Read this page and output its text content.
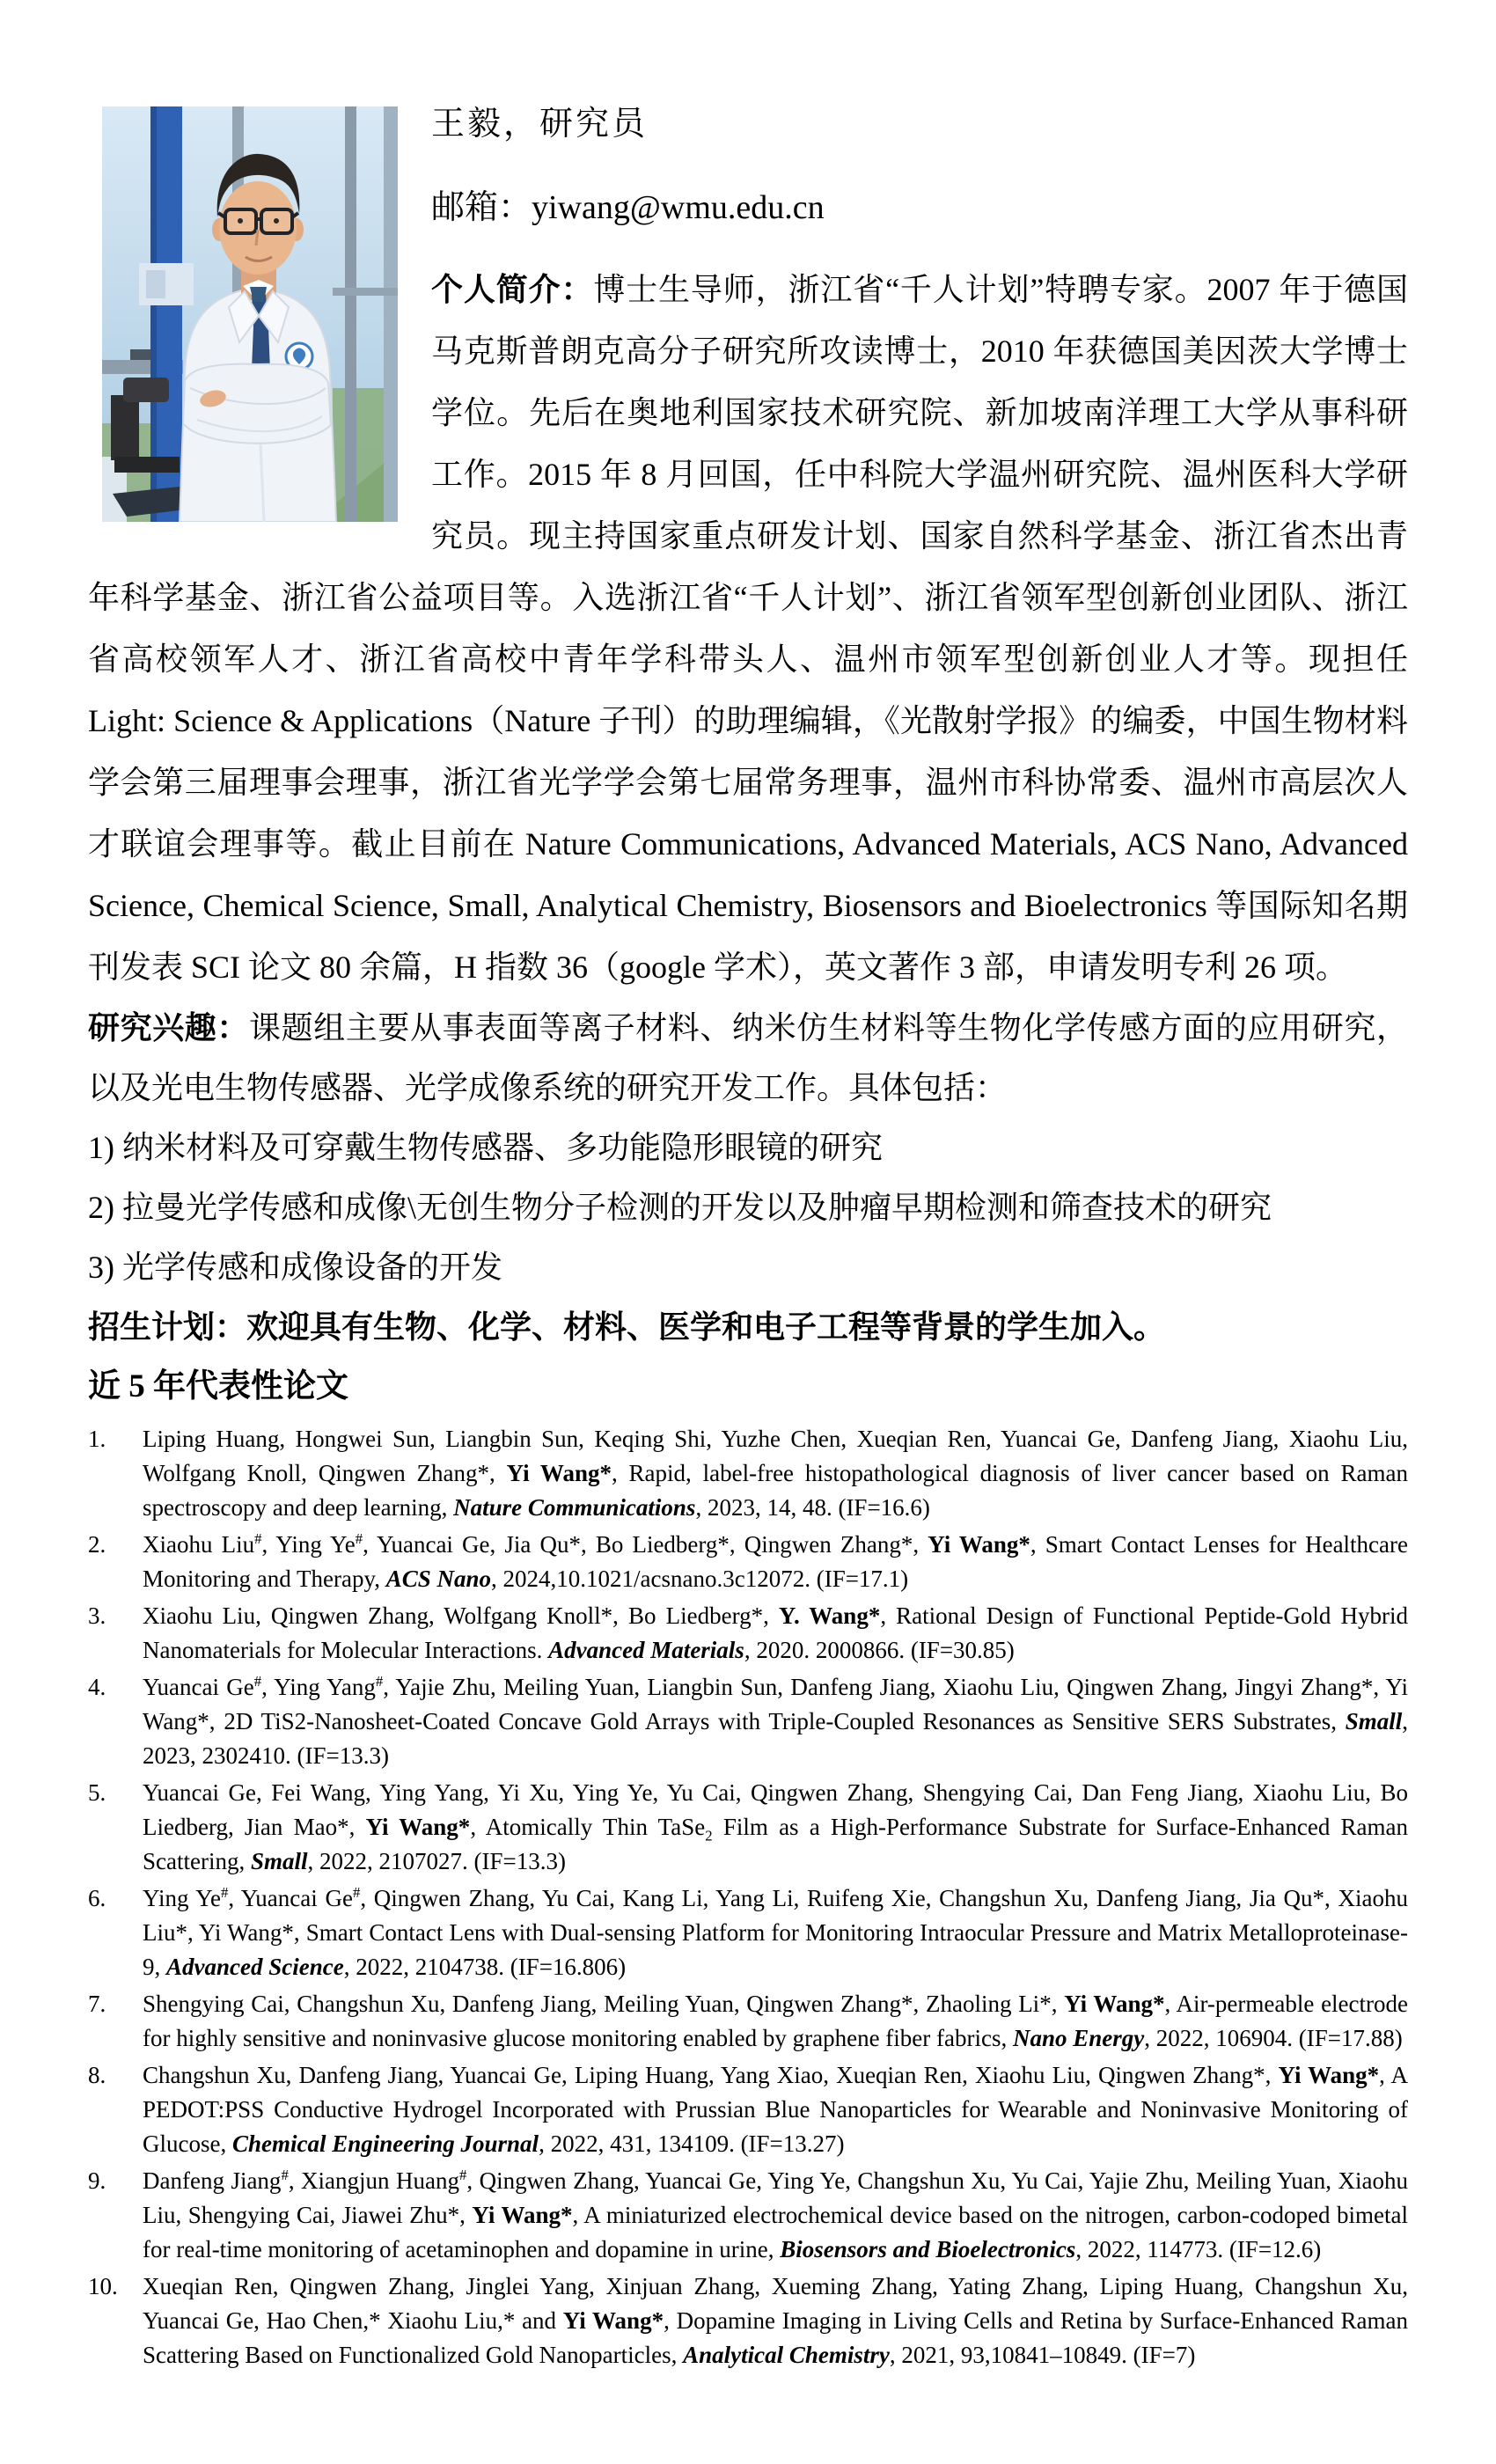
王毅，研究员
邮箱：yiwang@wmu.edu.cn

个人简介：博士生导师，浙江省“千人计划”特聘专家。2007 年于德国马克斯普朗克高分子研究所攻读博士，2010 年获德国美因茨大学博士学位。先后在奥地利国家技术研究院、新加坡南洋理工大学从事科研工作。2015 年 8 月回国，任中科院大学温州研究院、温州医科大学研究员。现主持国家重点研发计划、国家自然科学基金、浙江省杰出青年科学基金、浙江省公益项目等。入选浙江省“千人计划”、浙江省领军型创新创业团队、浙江省高校领军人才、浙江省高校中青年学科带头人、温州市领军型创新创业人才等。现担任 Light: Science & Applications（Nature 子刊）的助理编辑，《光散射学报》的编委，中国生物材料学会第三届理事会理事，浙江省光学学会第七届常务理事，温州市科协常委、温州市高层次人才联谊会理事等。截止目前在 Nature Communications, Advanced Materials, ACS Nano, Advanced Science, Chemical Science, Small, Analytical Chemistry, Biosensors and Bioelectronics 等国际知名期刊发表 SCI 论文 80 余篇，H 指数 36（google 学术），英文著作 3 部，申请发明专利 26 项。

研究兴趣：课题组主要从事表面等离子材料、纳米仿生材料等生物化学传感方面的应用研究，以及光电生物传感器、光学成像系统的研究开发工作。具体包括：

1) 纳米材料及可穿戴生物传感器、多功能隐形眼镜的研究
2) 拉曼光学传感和成像\无创生物分子检测的开发以及肿瘤早期检测和筛查技术的研究
3) 光学传感和成像设备的开发

招生计划：欢迎具有生物、化学、材料、医学和电子工程等背景的学生加入。

近 5 年代表性论文
1. Liping Huang, Hongwei Sun, Liangbin Sun, Keqing Shi, Yuzhe Chen, Xueqian Ren, Yuancai Ge, Danfeng Jiang, Xiaohu Liu, Wolfgang Knoll, Qingwen Zhang*, Yi Wang*, Rapid, label-free histopathological diagnosis of liver cancer based on Raman spectroscopy and deep learning, Nature Communications, 2023, 14, 48. (IF=16.6)
2. Xiaohu Liu#, Ying Ye#, Yuancai Ge, Jia Qu*, Bo Liedberg*, Qingwen Zhang*, Yi Wang*, Smart Contact Lenses for Healthcare Monitoring and Therapy, ACS Nano, 2024,10.1021/acsnano.3c12072. (IF=17.1)
3. Xiaohu Liu, Qingwen Zhang, Wolfgang Knoll*, Bo Liedberg*, Y. Wang*, Rational Design of Functional Peptide-Gold Hybrid Nanomaterials for Molecular Interactions. Advanced Materials, 2020. 2000866. (IF=30.85)
4. Yuancai Ge#, Ying Yang#, Yajie Zhu, Meiling Yuan, Liangbin Sun, Danfeng Jiang, Xiaohu Liu, Qingwen Zhang, Jingyi Zhang*, Yi Wang*, 2D TiS2-Nanosheet-Coated Concave Gold Arrays with Triple-Coupled Resonances as Sensitive SERS Substrates, Small, 2023, 2302410. (IF=13.3)
5. Yuancai Ge, Fei Wang, Ying Yang, Yi Xu, Ying Ye, Yu Cai, Qingwen Zhang, Shengying Cai, Dan Feng Jiang, Xiaohu Liu, Bo Liedberg, Jian Mao*, Yi Wang*, Atomically Thin TaSe$_2$ Film as a High-Performance Substrate for Surface-Enhanced Raman Scattering, Small, 2022, 2107027. (IF=13.3)
6. Ying Ye#, Yuancai Ge#, Qingwen Zhang, Yu Cai, Kang Li, Yang Li, Ruifeng Xie, Changshun Xu, Danfeng Jiang, Jia Qu*, Xiaohu Liu*, Yi Wang*, Smart Contact Lens with Dual-sensing Platform for Monitoring Intraocular Pressure and Matrix Metalloproteinase-9, Advanced Science, 2022, 2104738. (IF=16.806)
7. Shengying Cai, Changshun Xu, Danfeng Jiang, Meiling Yuan, Qingwen Zhang*, Zhaoling Li*, Yi Wang*, Air-permeable electrode for highly sensitive and noninvasive glucose monitoring enabled by graphene fiber fabrics, Nano Energy, 2022, 106904. (IF=17.88)
8. Changshun Xu, Danfeng Jiang, Yuancai Ge, Liping Huang, Yang Xiao, Xueqian Ren, Xiaohu Liu, Qingwen Zhang*, Yi Wang*, A PEDOT:PSS Conductive Hydrogel Incorporated with Prussian Blue Nanoparticles for Wearable and Noninvasive Monitoring of Glucose, Chemical Engineering Journal, 2022, 431, 134109. (IF=13.27)
9. Danfeng Jiang#, Xiangjun Huang#, Qingwen Zhang, Yuancai Ge, Ying Ye, Changshun Xu, Yu Cai, Yajie Zhu, Meiling Yuan, Xiaohu Liu, Shengying Cai, Jiawei Zhu*, Yi Wang*, A miniaturized electrochemical device based on the nitrogen, carbon-codoped bimetal for real-time monitoring of acetaminophen and dopamine in urine, Biosensors and Bioelectronics, 2022, 114773. (IF=12.6)
10. Xueqian Ren, Qingwen Zhang, Jinglei Yang, Xinjuan Zhang, Xueming Zhang, Yating Zhang, Liping Huang, Changshun Xu, Yuancai Ge, Hao Chen,* Xiaohu Liu,* and Yi Wang*, Dopamine Imaging in Living Cells and Retina by Surface-Enhanced Raman Scattering Based on Functionalized Gold Nanoparticles, Analytical Chemistry, 2021, 93,10841–10849. (IF=7)
